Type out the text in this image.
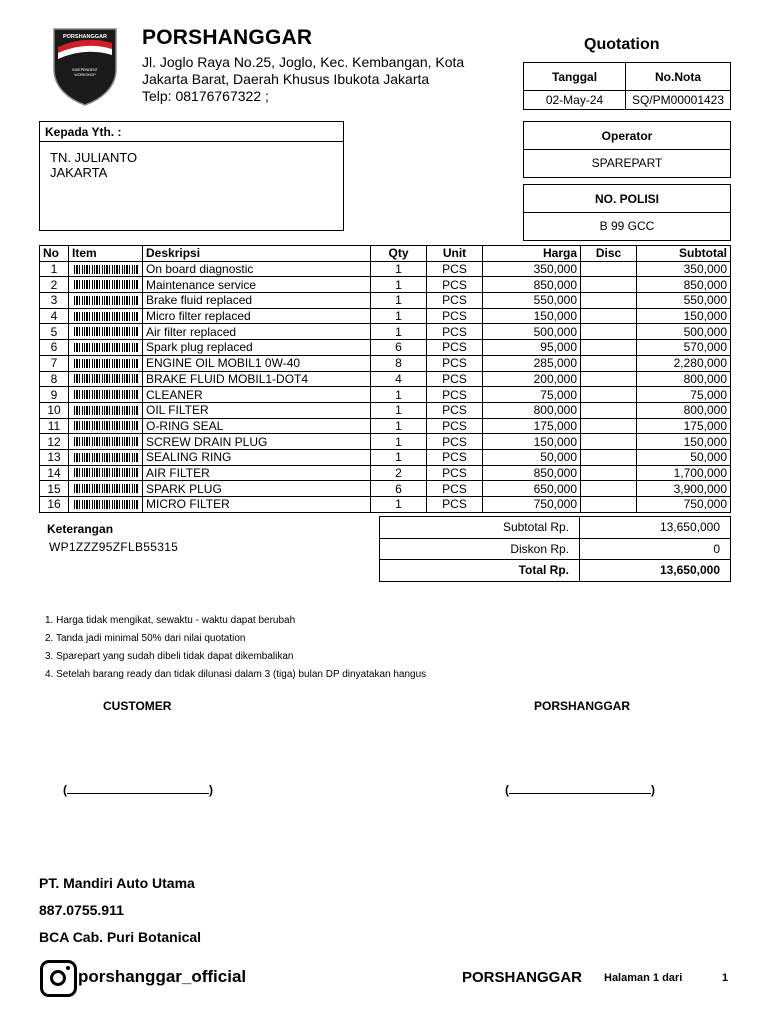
PORSHANGGAR
INDEPENDENT
WORKSHOP
PORSHANGGAR
Jl. Joglo Raya No.25, Joglo, Kec. Kembangan, Kota
Jakarta Barat, Daerah Khusus Ibukota Jakarta
Telp: 08176767322 ;
Quotation
Tanggal	No.Nota
02-May-24	SQ/PM00001423
Kepada Yth. :
TN. JULIANTO
JAKARTA
Operator
SPAREPART
NO. POLISI
B 99 GCC
No	Item	Deskripsi	Qty	Unit	Harga	Disc	Subtotal
1		On board diagnostic	1	PCS	350,000		350,000
2		Maintenance service	1	PCS	850,000		850,000
3		Brake fluid replaced	1	PCS	550,000		550,000
4		Micro filter replaced	1	PCS	150,000		150,000
5		Air filter replaced	1	PCS	500,000		500,000
6		Spark plug replaced	6	PCS	95,000		570,000
7		ENGINE OIL MOBIL1 0W-40	8	PCS	285,000		2,280,000
8		BRAKE FLUID MOBIL1-DOT4	4	PCS	200,000		800,000
9		CLEANER	1	PCS	75,000		75,000
10		OIL FILTER	1	PCS	800,000		800,000
11		O-RING SEAL	1	PCS	175,000		175,000
12		SCREW DRAIN PLUG	1	PCS	150,000		150,000
13		SEALING RING	1	PCS	50,000		50,000
14		AIR FILTER	2	PCS	850,000		1,700,000
15		SPARK PLUG	6	PCS	650,000		3,900,000
16		MICRO FILTER	1	PCS	750,000		750,000
Keterangan
WP1ZZZ95ZFLB55315
Subtotal Rp.	13,650,000
Diskon Rp.	0
Total Rp.	13,650,000
1. Harga tidak mengikat, sewaktu - waktu dapat berubah
2. Tanda jadi minimal 50% dari nilai quotation
3. Sparepart yang sudah dibeli tidak dapat dikembalikan
4. Setelah barang ready dan tidak dilunasi dalam 3 (tiga) bulan DP dinyatakan hangus
CUSTOMER	PORSHANGGAR
(	)	(	)
PT. Mandiri Auto Utama
887.0755.911
BCA Cab. Puri Botanical
porshanggar_official	PORSHANGGAR Halaman 1 dari	1
